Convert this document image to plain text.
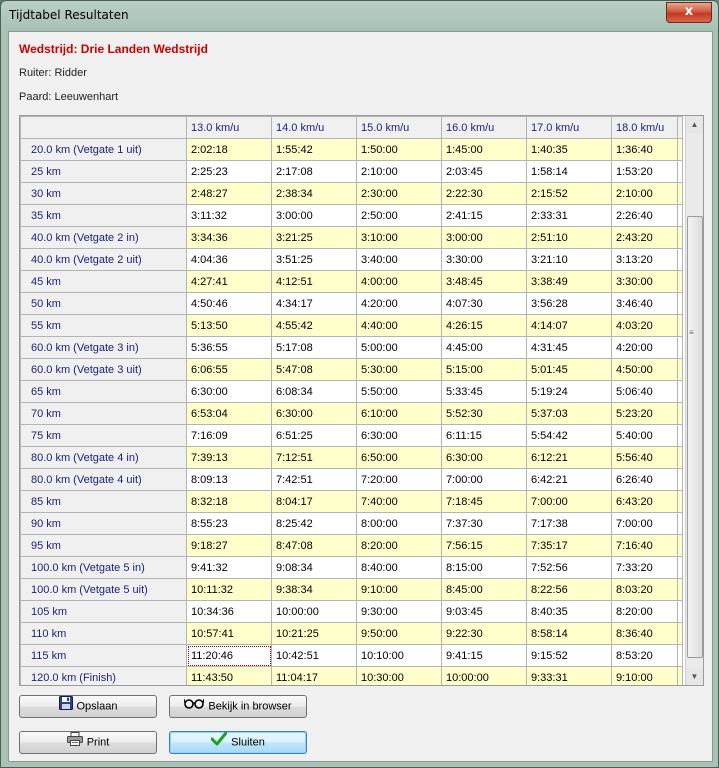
Tijdtabel Resultaten	x
Wedstrijd: Drie Landen Wedstrijd
Ruiter: Ridder
Paard: Leeuwenhart
	13.0 km/u	14.0 km/u	15.0 km/u	16.0 km/u	17.0 km/u	18.0 km/u	
20.0 km (Vetgate 1 uit)	2:02:18	1:55:42	1:50:00	1:45:00	1:40:35	1:36:40	
25 km	2:25:23	2:17:08	2:10:00	2:03:45	1:58:14	1:53:20	
30 km	2:48:27	2:38:34	2:30:00	2:22:30	2:15:52	2:10:00	
35 km	3:11:32	3:00:00	2:50:00	2:41:15	2:33:31	2:26:40	
40.0 km (Vetgate 2 in)	3:34:36	3:21:25	3:10:00	3:00:00	2:51:10	2:43:20	
40.0 km (Vetgate 2 uit)	4:04:36	3:51:25	3:40:00	3:30:00	3:21:10	3:13:20	
45 km	4:27:41	4:12:51	4:00:00	3:48:45	3:38:49	3:30:00	
50 km	4:50:46	4:34:17	4:20:00	4:07:30	3:56:28	3:46:40	
55 km	5:13:50	4:55:42	4:40:00	4:26:15	4:14:07	4:03:20	
60.0 km (Vetgate 3 in)	5:36:55	5:17:08	5:00:00	4:45:00	4:31:45	4:20:00	
60.0 km (Vetgate 3 uit)	6:06:55	5:47:08	5:30:00	5:15:00	5:01:45	4:50:00	
65 km	6:30:00	6:08:34	5:50:00	5:33:45	5:19:24	5:06:40	
70 km	6:53:04	6:30:00	6:10:00	5:52:30	5:37:03	5:23:20	
75 km	7:16:09	6:51:25	6:30:00	6:11:15	5:54:42	5:40:00	
80.0 km (Vetgate 4 in)	7:39:13	7:12:51	6:50:00	6:30:00	6:12:21	5:56:40	
80.0 km (Vetgate 4 uit)	8:09:13	7:42:51	7:20:00	7:00:00	6:42:21	6:26:40	
85 km	8:32:18	8:04:17	7:40:00	7:18:45	7:00:00	6:43:20	
90 km	8:55:23	8:25:42	8:00:00	7:37:30	7:17:38	7:00:00	
95 km	9:18:27	8:47:08	8:20:00	7:56:15	7:35:17	7:16:40	
100.0 km (Vetgate 5 in)	9:41:32	9:08:34	8:40:00	8:15:00	7:52:56	7:33:20	
100.0 km (Vetgate 5 uit)	10:11:32	9:38:34	9:10:00	8:45:00	8:22:56	8:03:20	
105 km	10:34:36	10:00:00	9:30:00	9:03:45	8:40:35	8:20:00	
110 km	10:57:41	10:21:25	9:50:00	9:22:30	8:58:14	8:36:40	
115 km	11:20:46	10:42:51	10:10:00	9:41:15	9:15:52	8:53:20	
120.0 km (Finish)	11:43:50	11:04:17	10:30:00	10:00:00	9:33:31	9:10:00	
▲
≡
▼
Opslaan	Bekijk in browser
Print	Sluiten
